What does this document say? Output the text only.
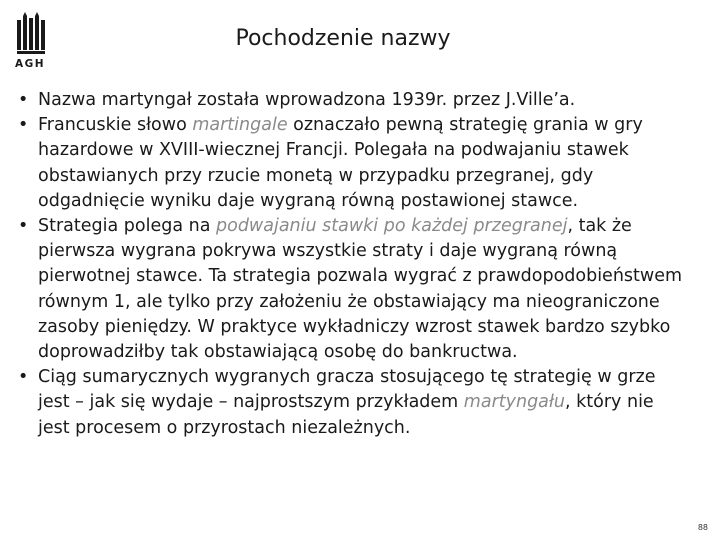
AGH
Pochodzenie nazwy

• Nazwa martyngał została wprowadzona 1939r. przez J.Ville’a.

• Francuskie słowo martingale oznaczało pewną strategię grania w gry hazardowe w XVIII-wiecznej Francji. Polegała na podwajaniu stawek obstawianych przy rzucie monetą w przypadku przegranej, gdy odgadnięcie wyniku daje wygraną równą postawionej stawce.

• Strategia polega na podwajaniu stawki po każdej przegranej, tak że pierwsza wygrana pokrywa wszystkie straty i daje wygraną równą pierwotnej stawce. Ta strategia pozwala wygrać z prawdopodobieństwem równym 1, ale tylko przy założeniu że obstawiający ma nieograniczone zasoby pieniędzy. W praktyce wykładniczy wzrost stawek bardzo szybko doprowadziłby tak obstawiającą osobę do bankructwa.

• Ciąg sumarycznych wygranych gracza stosującego tę strategię w grze jest – jak się wydaje – najprostszym przykładem martyngału, który nie jest procesem o przyrostach niezależnych.

88
